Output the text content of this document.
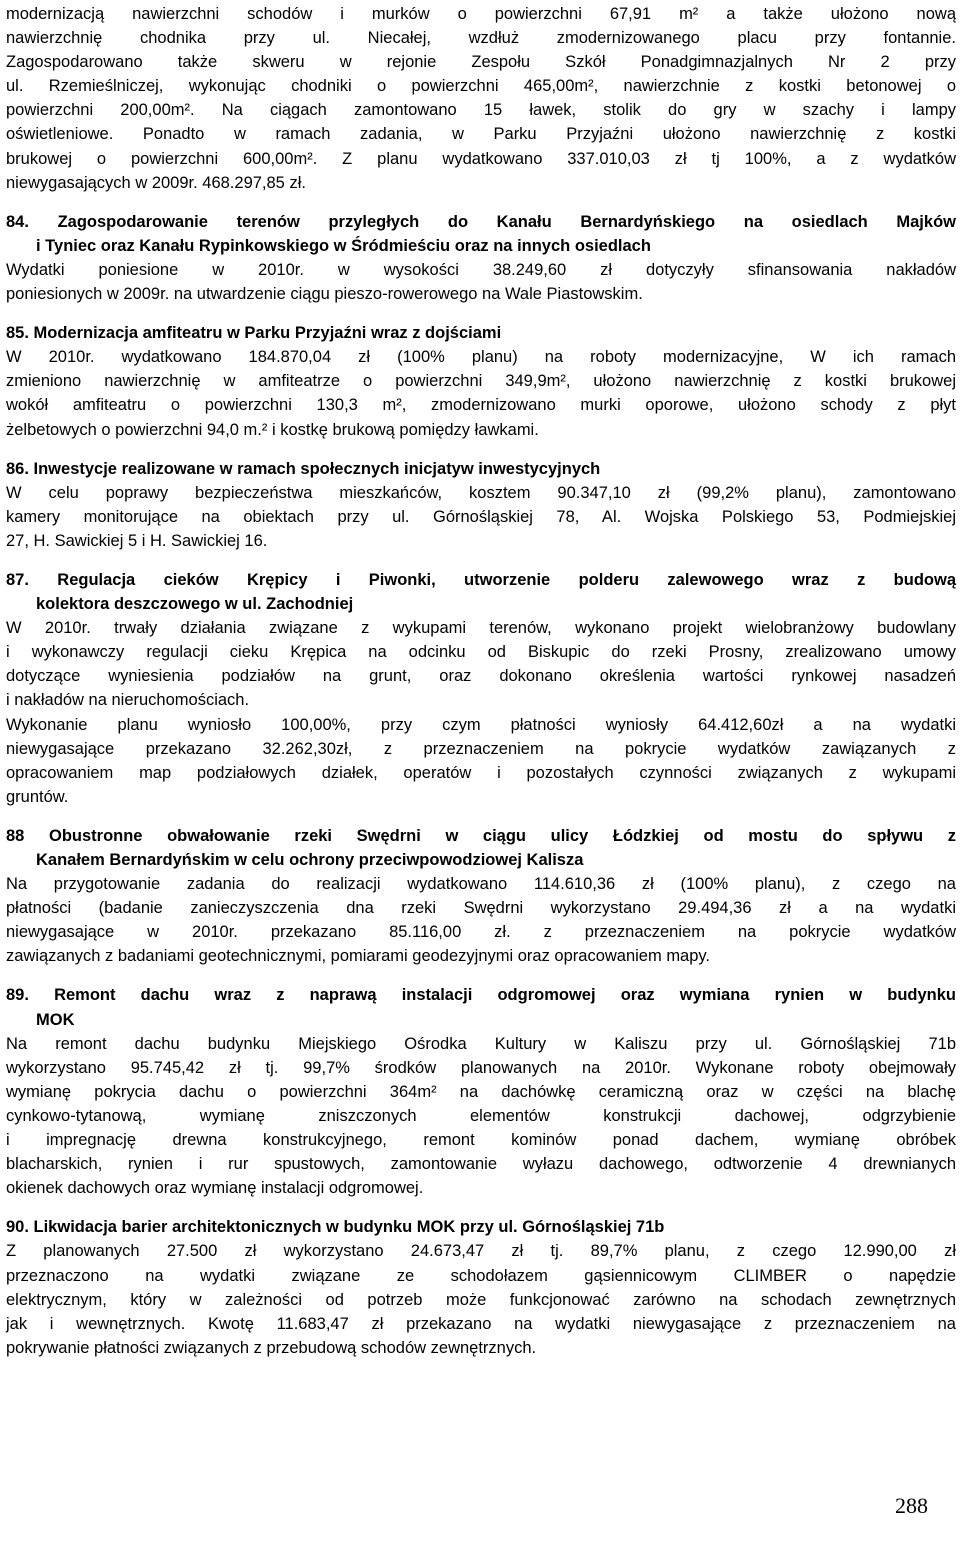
modernizacją nawierzchni schodów i murków o powierzchni 67,91 m² a także ułożono nową
nawierzchnię chodnika przy ul. Niecałej, wzdłuż zmodernizowanego placu przy fontannie.
Zagospodarowano także skweru w rejonie Zespołu Szkół Ponadgimnazjalnych Nr 2 przy
ul. Rzemieślniczej, wykonując chodniki o powierzchni 465,00m², nawierzchnie z kostki betonowej o
powierzchni 200,00m². Na ciągach zamontowano 15 ławek, stolik do gry w szachy i lampy
oświetleniowe. Ponadto w ramach zadania, w Parku Przyjaźni ułożono nawierzchnię z kostki
brukowej o powierzchni 600,00m². Z planu wydatkowano 337.010,03 zł tj 100%, a z wydatków
niewygasających w 2009r. 468.297,85 zł.
84. Zagospodarowanie terenów przyległych do Kanału Bernardyńskiego na osiedlach Majków
i Tyniec oraz Kanału Rypinkowskiego w Śródmieściu oraz na innych osiedlach
Wydatki poniesione w 2010r. w wysokości 38.249,60 zł dotyczyły sfinansowania nakładów
poniesionych w 2009r. na utwardzenie ciągu pieszo-rowerowego na Wale Piastowskim.
85. Modernizacja amfiteatru w Parku Przyjaźni wraz z dojściami
W 2010r. wydatkowano 184.870,04 zł (100% planu) na roboty modernizacyjne, W ich ramach
zmieniono nawierzchnię w amfiteatrze o powierzchni 349,9m², ułożono nawierzchnię z kostki brukowej
wokół amfiteatru o powierzchni 130,3 m², zmodernizowano murki oporowe, ułożono schody z płyt
żelbetowych o powierzchni 94,0 m.² i kostkę brukową pomiędzy ławkami.
86. Inwestycje realizowane w ramach społecznych inicjatyw inwestycyjnych
W celu poprawy bezpieczeństwa mieszkańców, kosztem 90.347,10 zł (99,2% planu), zamontowano
kamery monitorujące na obiektach przy ul. Górnośląskiej 78, Al. Wojska Polskiego 53, Podmiejskiej
27, H. Sawickiej 5 i H. Sawickiej 16.
87. Regulacja cieków Krępicy i Piwonki, utworzenie polderu zalewowego wraz z budową
kolektora deszczowego w ul. Zachodniej
W 2010r. trwały działania związane z wykupami terenów, wykonano projekt wielobranżowy budowlany
i wykonawczy regulacji cieku Krępica na odcinku od Biskupic do rzeki Prosny, zrealizowano umowy
dotyczące wyniesienia podziałów na grunt, oraz dokonano określenia wartości rynkowej nasadzeń
i nakładów na nieruchomościach.
Wykonanie planu wyniosło 100,00%, przy czym płatności wyniosły 64.412,60zł a na wydatki
niewygasające przekazano 32.262,30zł, z przeznaczeniem na pokrycie wydatków zawiązanych z
opracowaniem map podziałowych działek, operatów i pozostałych czynności związanych z wykupami
gruntów.
88 Obustronne obwałowanie rzeki Swędrni w ciągu ulicy Łódzkiej od mostu do spływu z
Kanałem Bernardyńskim w celu ochrony przeciwpowodziowej Kalisza
Na przygotowanie zadania do realizacji wydatkowano 114.610,36 zł (100% planu), z czego na
płatności (badanie zanieczyszczenia dna rzeki Swędrni wykorzystano 29.494,36 zł a na wydatki
niewygasające w 2010r. przekazano 85.116,00 zł. z przeznaczeniem na pokrycie wydatków
zawiązanych z badaniami geotechnicznymi, pomiarami geodezyjnymi oraz opracowaniem mapy.
89. Remont dachu wraz z naprawą instalacji odgromowej oraz wymiana rynien w budynku
MOK
Na remont dachu budynku Miejskiego Ośrodka Kultury w Kaliszu przy ul. Górnośląskiej 71b
wykorzystano 95.745,42 zł tj. 99,7% środków planowanych na 2010r. Wykonane roboty obejmowały
wymianę pokrycia dachu o powierzchni 364m² na dachówkę ceramiczną oraz w części na blachę
cynkowo-tytanową, wymianę zniszczonych elementów konstrukcji dachowej, odgrzybienie
i impregnację drewna konstrukcyjnego, remont kominów ponad dachem, wymianę obróbek
blacharskich, rynien i rur spustowych, zamontowanie wyłazu dachowego, odtworzenie 4 drewnianych
okienek dachowych oraz wymianę instalacji odgromowej.
90. Likwidacja barier architektonicznych w budynku MOK przy ul. Górnośląskiej 71b
Z planowanych 27.500 zł wykorzystano 24.673,47 zł tj. 89,7% planu, z czego 12.990,00 zł
przeznaczono na wydatki związane ze schodołazem gąsiennicowym CLIMBER o napędzie
elektrycznym, który w zależności od potrzeb może funkcjonować zarówno na schodach zewnętrznych
jak i wewnętrznych. Kwotę 11.683,47 zł przekazano na wydatki niewygasające z przeznaczeniem na
pokrywanie płatności związanych z przebudową schodów zewnętrznych.
288
